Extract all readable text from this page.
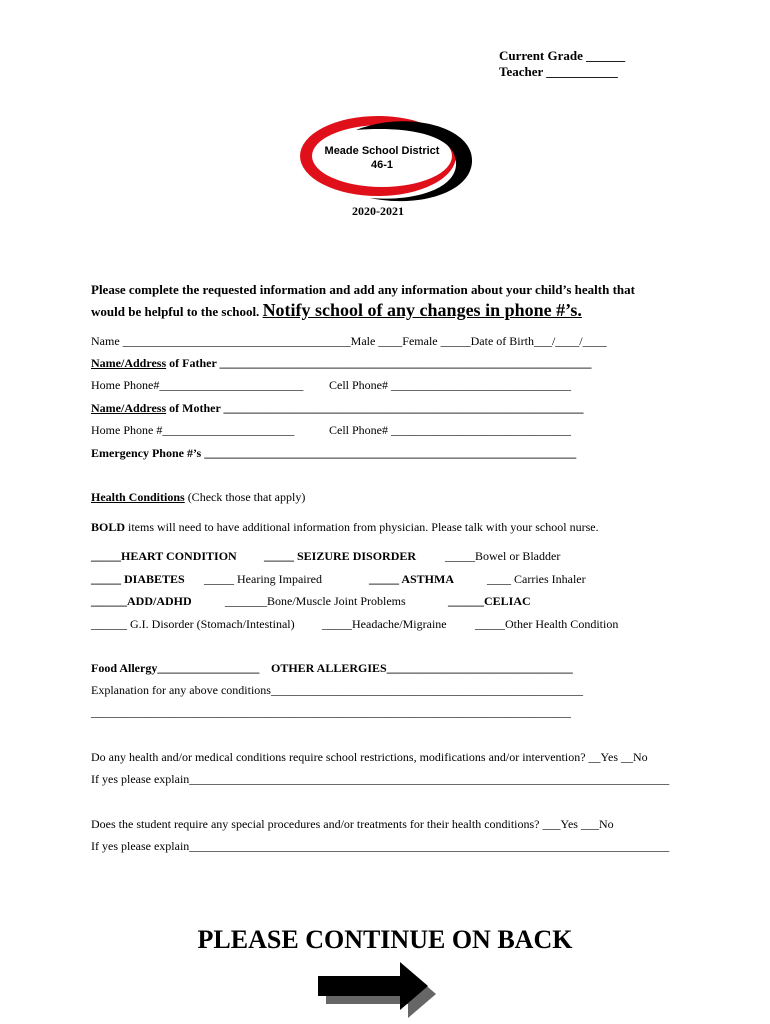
Current Grade ______
Teacher ___________
Meade School District
46-1
2020-2021
Please complete the requested information and add any information about your child’s health that
would be helpful to the school. Notify school of any changes in phone #’s.
Name ______________________________________Male ____Female _____Date of Birth___/____/____
Name/Address of Father ______________________________________________________________
Home Phone#________________________ Cell Phone# ______________________________
Name/Address of Mother ____________________________________________________________
Home Phone #______________________	Cell Phone# ______________________________
Emergency Phone #’s ______________________________________________________________
Health Conditions (Check those that apply)
BOLD items will need to have additional information from physician. Please talk with your school nurse.
_____HEART CONDITION _____ SEIZURE DISORDER _____Bowel or Bladder
_____ DIABETES _____ Hearing Impaired	_____ ASTHMA	____ Carries Inhaler
______ADD/ADHD	_______Bone/Muscle Joint Problems	______CELIAC
______ G.I. Disorder (Stomach/Intestinal) _____Headache/Migraine _____Other Health Condition
Food Allergy_________________ OTHER ALLERGIES_______________________________
Explanation for any above conditions____________________________________________________
________________________________________________________________________________
Do any health and/or medical conditions require school restrictions, modifications and/or intervention? __Yes __No
If yes please explain________________________________________________________________________________
Does the student require any special procedures and/or treatments for their health conditions? ___Yes ___No
If yes please explain________________________________________________________________________________
PLEASE CONTINUE ON BACK
